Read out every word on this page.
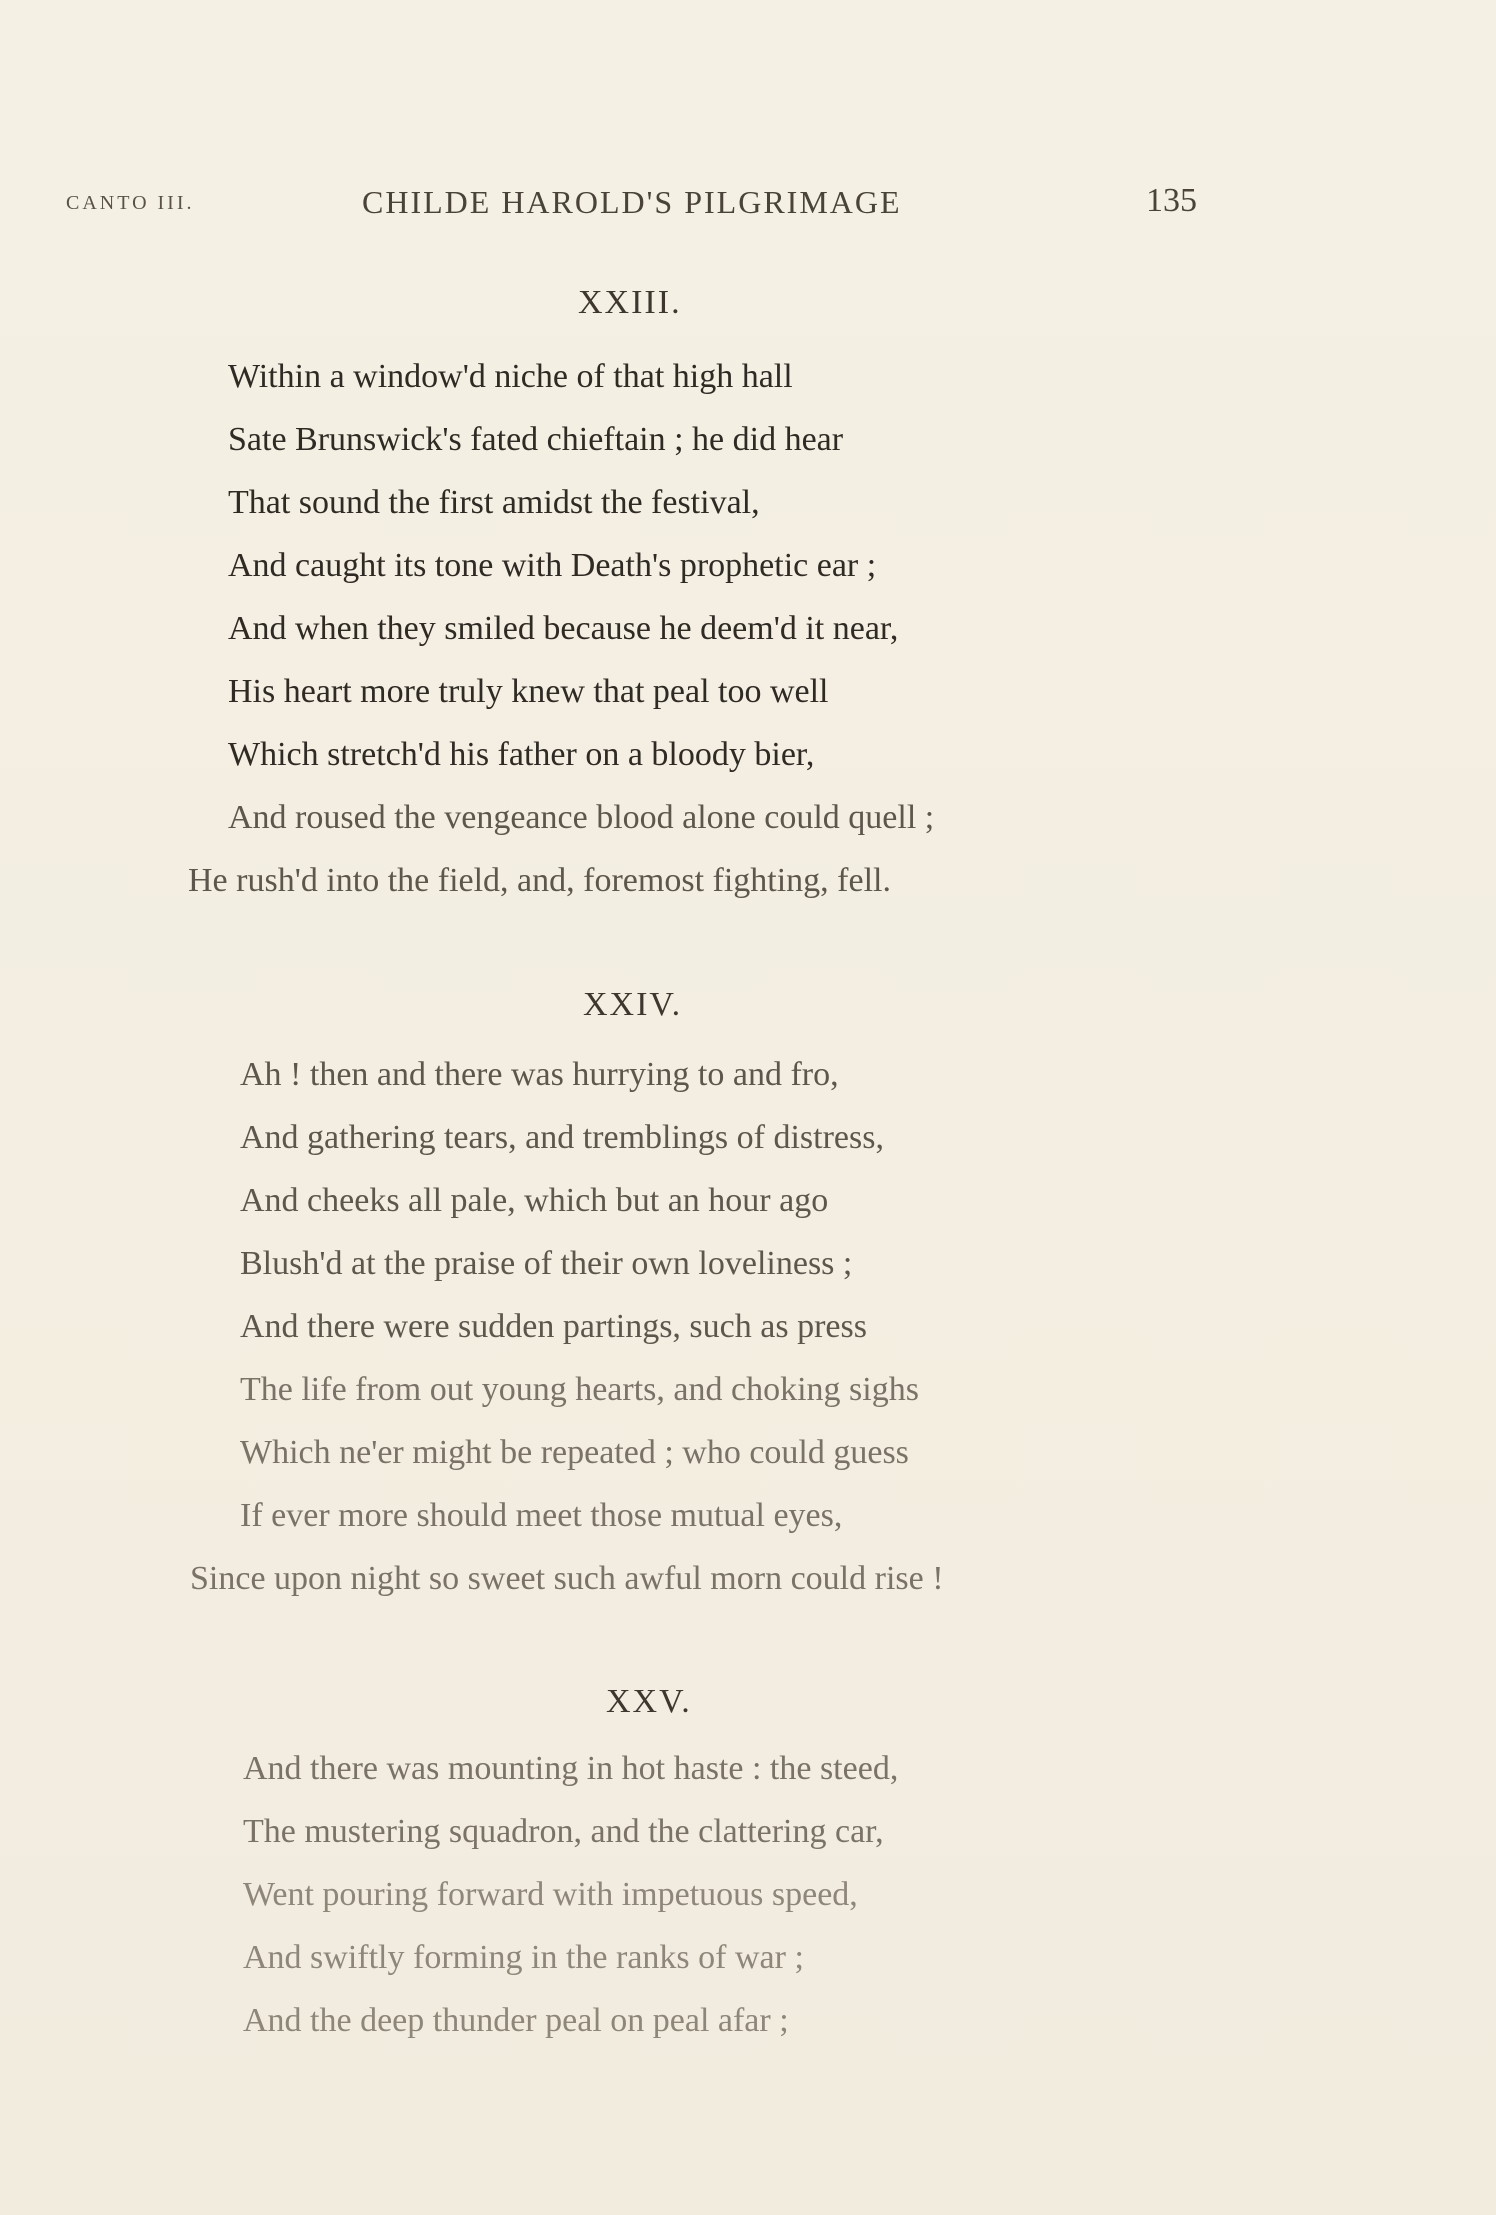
CANTO III.	CHILDE HAROLD'S PILGRIMAGE	135
XXIII.
Within a window'd niche of that high hall
Sate Brunswick's fated chieftain ; he did hear
That sound the first amidst the festival,
And caught its tone with Death's prophetic ear ;
And when they smiled because he deem'd it near,
His heart more truly knew that peal too well
Which stretch'd his father on a bloody bier,
And roused the vengeance blood alone could quell ;
He rush'd into the field, and, foremost fighting, fell.
XXIV.
Ah ! then and there was hurrying to and fro,
And gathering tears, and tremblings of distress,
And cheeks all pale, which but an hour ago
Blush'd at the praise of their own loveliness ;
And there were sudden partings, such as press
The life from out young hearts, and choking sighs
Which ne'er might be repeated ; who could guess
If ever more should meet those mutual eyes,
Since upon night so sweet such awful morn could rise !
XXV.
And there was mounting in hot haste : the steed,
The mustering squadron, and the clattering car,
Went pouring forward with impetuous speed,
And swiftly forming in the ranks of war ;
And the deep thunder peal on peal afar ;
